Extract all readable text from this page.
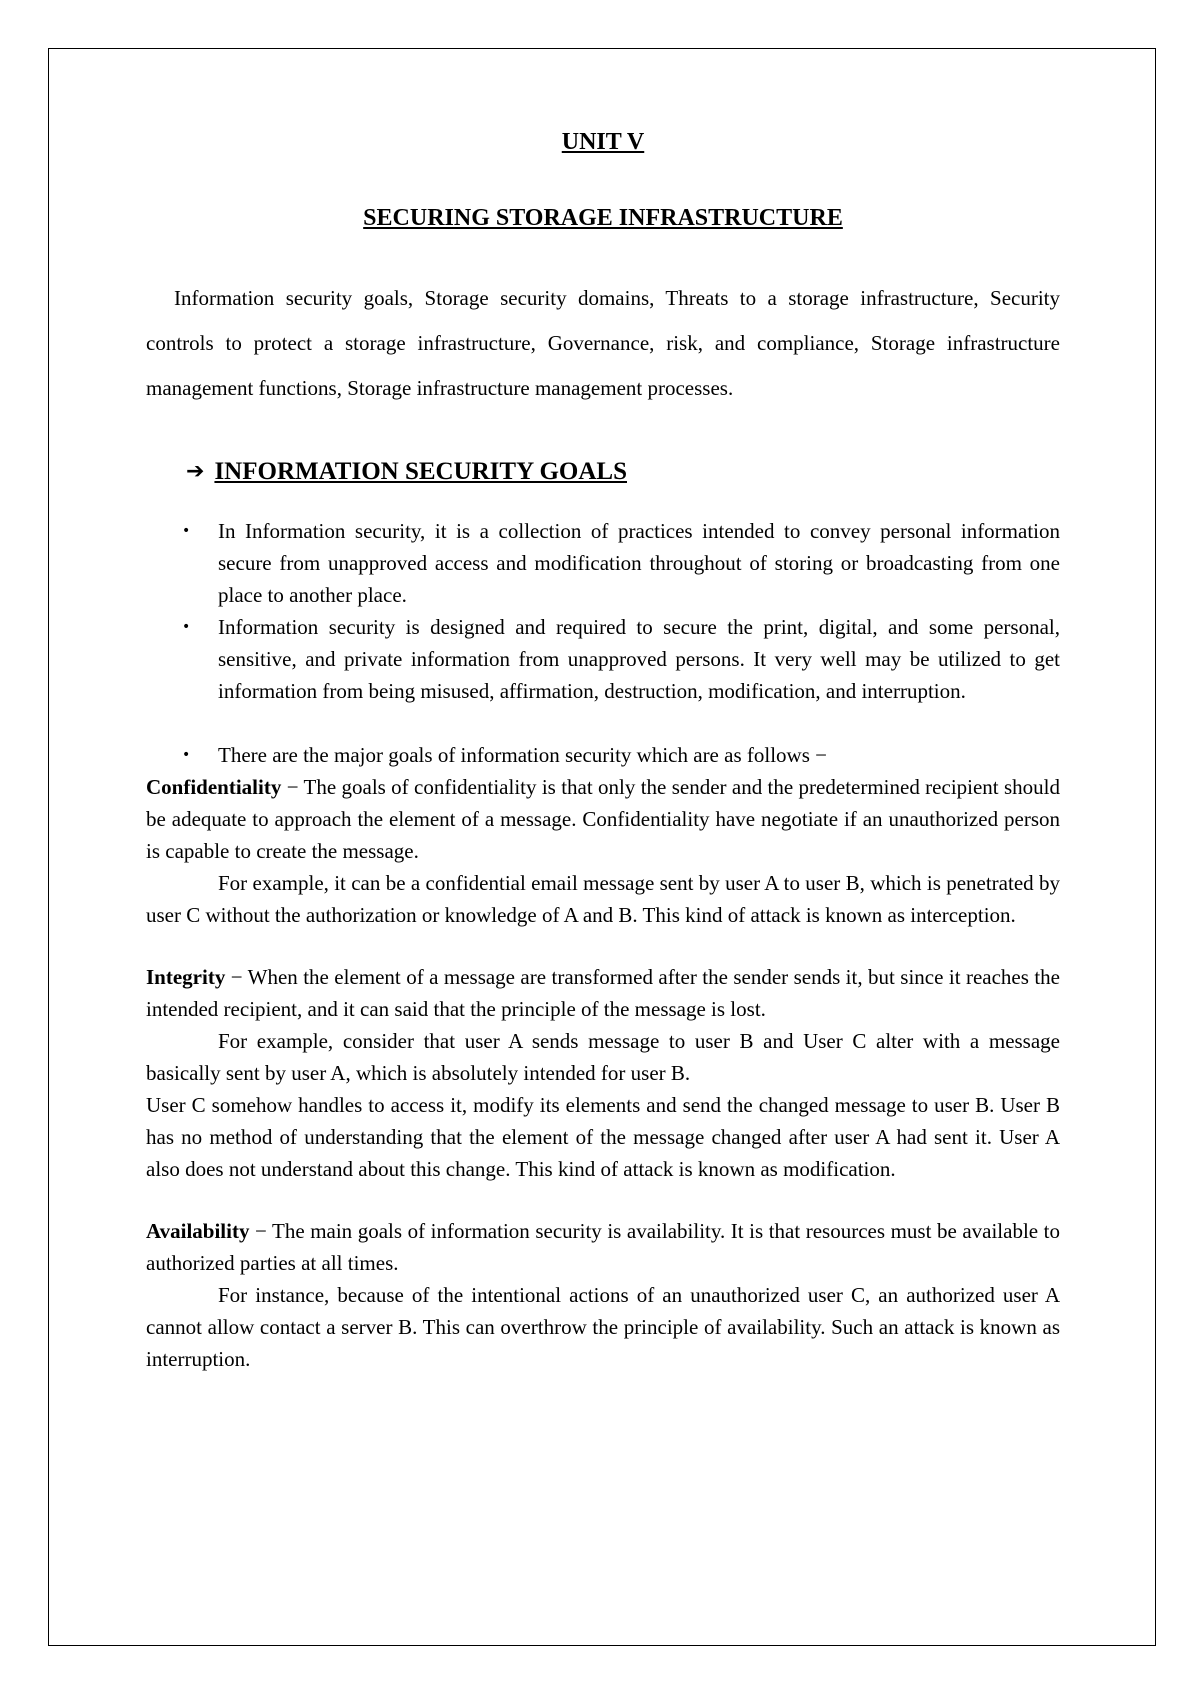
UNIT V
SECURING STORAGE INFRASTRUCTURE

Information security goals, Storage security domains, Threats to a storage infrastructure, Security controls to protect a storage infrastructure, Governance, risk, and compliance, Storage infrastructure management functions, Storage infrastructure management processes.

➔ INFORMATION SECURITY GOALS
• In Information security, it is a collection of practices intended to convey personal information secure from unapproved access and modification throughout of storing or broadcasting from one place to another place.
• Information security is designed and required to secure the print, digital, and some personal, sensitive, and private information from unapproved persons. It very well may be utilized to get information from being misused, affirmation, destruction, modification, and interruption.
• There are the major goals of information security which are as follows −

Confidentiality − The goals of confidentiality is that only the sender and the predetermined recipient should be adequate to approach the element of a message. Confidentiality have negotiate if an unauthorized person is capable to create the message.

For example, it can be a confidential email message sent by user A to user B, which is penetrated by user C without the authorization or knowledge of A and B. This kind of attack is known as interception.

Integrity − When the element of a message are transformed after the sender sends it, but since it reaches the intended recipient, and it can said that the principle of the message is lost.

For example, consider that user A sends message to user B and User C alter with a message basically sent by user A, which is absolutely intended for user B.

User C somehow handles to access it, modify its elements and send the changed message to user B. User B has no method of understanding that the element of the message changed after user A had sent it. User A also does not understand about this change. This kind of attack is known as modification.

Availability − The main goals of information security is availability. It is that resources must be available to authorized parties at all times.

For instance, because of the intentional actions of an unauthorized user C, an authorized user A cannot allow contact a server B. This can overthrow the principle of availability. Such an attack is known as interruption.
